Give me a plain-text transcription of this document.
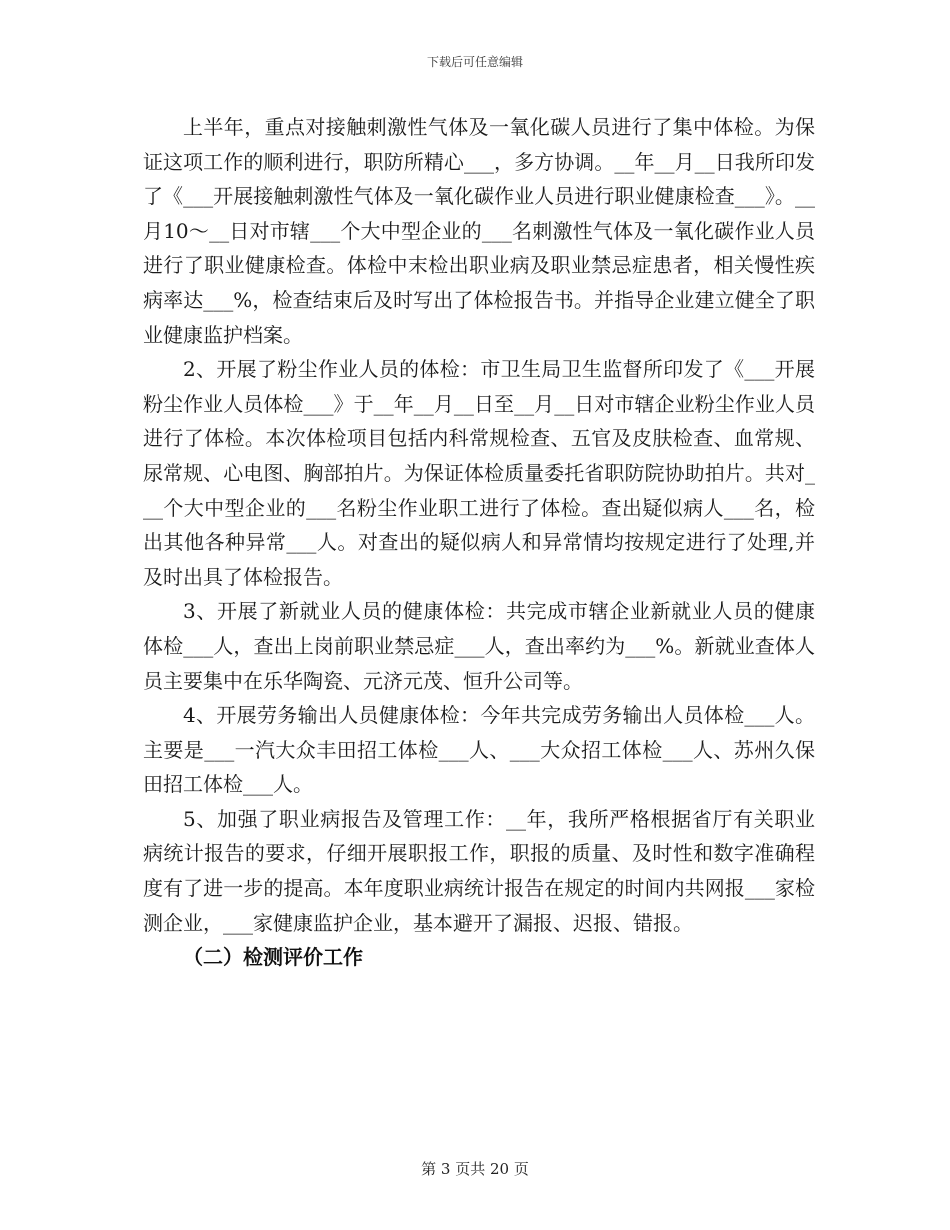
下载后可任意编辑

上半年，重点对接触刺激性气体及一氧化碳人员进行了集中体检。为保证这项工作的顺利进行，职防所精心___，多方协调。__年__月__日我所印发了《___开展接触刺激性气体及一氧化碳作业人员进行职业健康检查___》。__月10～__日对市辖___个大中型企业的___名刺激性气体及一氧化碳作业人员进行了职业健康检查。体检中末检出职业病及职业禁忌症患者，相关慢性疾病率达___%，检查结束后及时写出了体检报告书。并指导企业建立健全了职业健康监护档案。

2、开展了粉尘作业人员的体检：市卫生局卫生监督所印发了《___开展粉尘作业人员体检___》于__年__月__日至__月__日对市辖企业粉尘作业人员进行了体检。本次体检项目包括内科常规检查、五官及皮肤检查、血常规、尿常规、心电图、胸部拍片。为保证体检质量委托省职防院协助拍片。共对___个大中型企业的___名粉尘作业职工进行了体检。查出疑似病人___名，检出其他各种异常___人。对查出的疑似病人和异常情均按规定进行了处理,并及时出具了体检报告。

3、开展了新就业人员的健康体检：共完成市辖企业新就业人员的健康体检___人，查出上岗前职业禁忌症___人，查出率约为___%。新就业查体人员主要集中在乐华陶瓷、元济元茂、恒升公司等。

4、开展劳务输出人员健康体检：今年共完成劳务输出人员体检___人。主要是___一汽大众丰田招工体检___人、___大众招工体检___人、苏州久保田招工体检___人。

5、加强了职业病报告及管理工作：__年，我所严格根据省厅有关职业病统计报告的要求，仔细开展职报工作，职报的质量、及时性和数字准确程度有了进一步的提高。本年度职业病统计报告在规定的时间内共网报___家检测企业，___家健康监护企业，基本避开了漏报、迟报、错报。

（二）检测评价工作
第 3 页共 20 页
